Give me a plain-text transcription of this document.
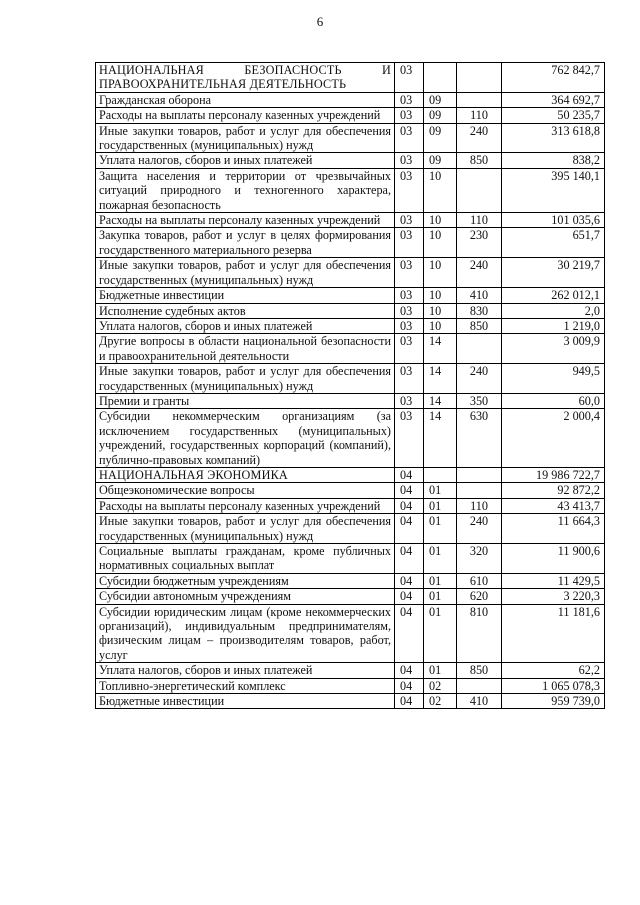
6
НАЦИОНАЛЬНАЯ БЕЗОПАСНОСТЬ И ПРАВООХРАНИТЕЛЬНАЯ ДЕЯТЕЛЬНОСТЬ	03			762 842,7
Гражданская оборона	03	09		364 692,7
Расходы на выплаты персоналу казенных учреждений	03	09	110	50 235,7
Иные закупки товаров, работ и услуг для обеспечения государственных (муниципальных) нужд	03	09	240	313 618,8
Уплата налогов, сборов и иных платежей	03	09	850	838,2
Защита населения и территории от чрезвычайных ситуаций природного и техногенного характера, пожарная безопасность	03	10		395 140,1
Расходы на выплаты персоналу казенных учреждений	03	10	110	101 035,6
Закупка товаров, работ и услуг в целях формирования государственного материального резерва	03	10	230	651,7
Иные закупки товаров, работ и услуг для обеспечения государственных (муниципальных) нужд	03	10	240	30 219,7
Бюджетные инвестиции	03	10	410	262 012,1
Исполнение судебных актов	03	10	830	2,0
Уплата налогов, сборов и иных платежей	03	10	850	1 219,0
Другие вопросы в области национальной безопасности и правоохранительной деятельности	03	14		3 009,9
Иные закупки товаров, работ и услуг для обеспечения государственных (муниципальных) нужд	03	14	240	949,5
Премии и гранты	03	14	350	60,0
Субсидии некоммерческим организациям (за исключением государственных (муниципальных) учреждений, государственных корпораций (компаний), публично-правовых компаний)	03	14	630	2 000,4
НАЦИОНАЛЬНАЯ ЭКОНОМИКА	04			19 986 722,7
Общеэкономические вопросы	04	01		92 872,2
Расходы на выплаты персоналу казенных учреждений	04	01	110	43 413,7
Иные закупки товаров, работ и услуг для обеспечения государственных (муниципальных) нужд	04	01	240	11 664,3
Социальные выплаты гражданам, кроме публичных нормативных социальных выплат	04	01	320	11 900,6
Субсидии бюджетным учреждениям	04	01	610	11 429,5
Субсидии автономным учреждениям	04	01	620	3 220,3
Субсидии юридическим лицам (кроме некоммерческих организаций), индивидуальным предпринимателям, физическим лицам – производителям товаров, работ, услуг	04	01	810	11 181,6
Уплата налогов, сборов и иных платежей	04	01	850	62,2
Топливно-энергетический комплекс	04	02		1 065 078,3
Бюджетные инвестиции	04	02	410	959 739,0
